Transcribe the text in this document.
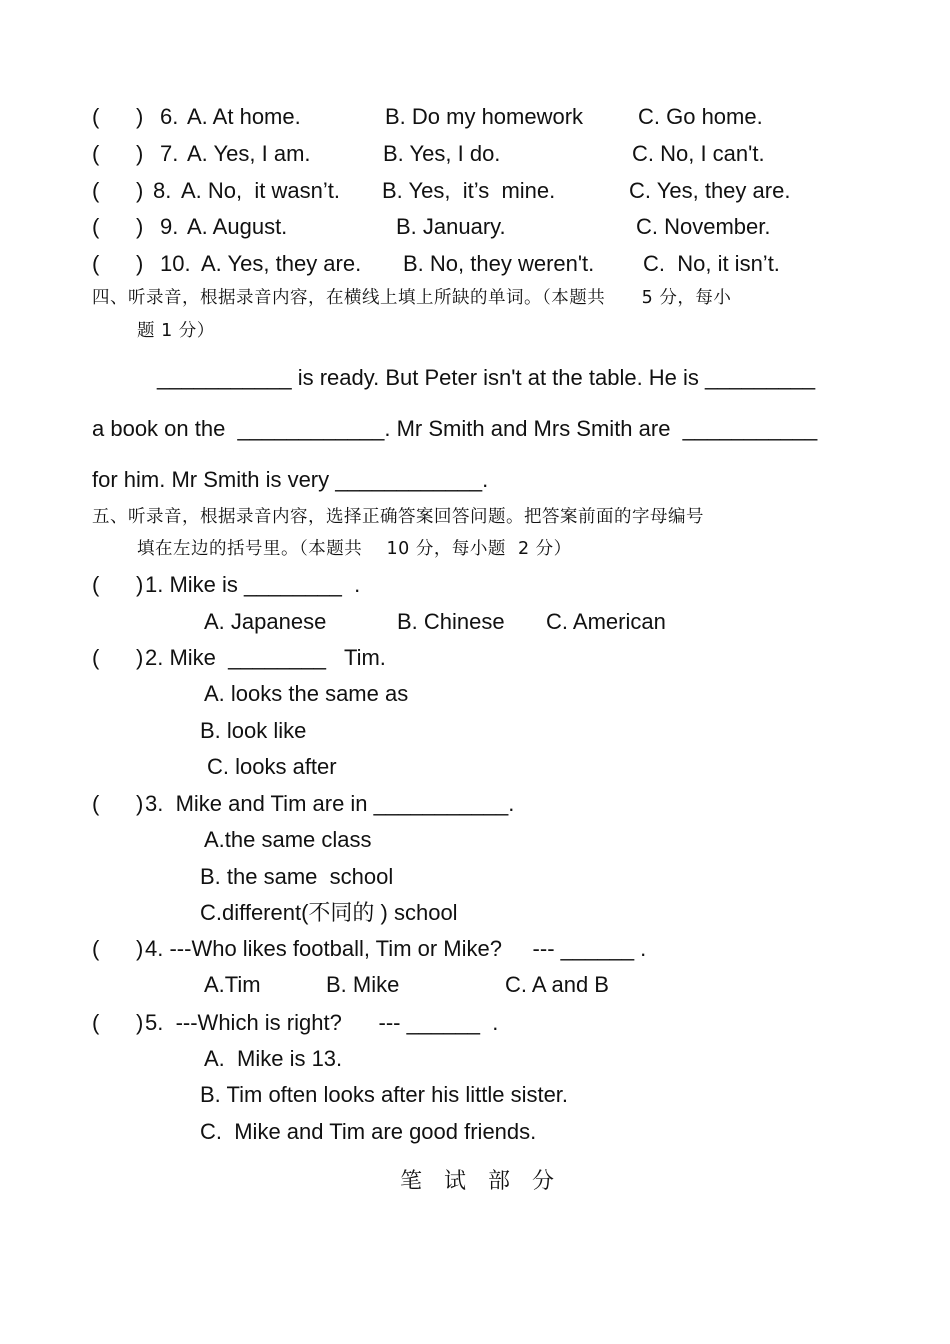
(      ) 6. A. At home.	B. Do my homework C. Go home.
(      ) 7. A. Yes, I am.	B. Yes, I do.	C. No, I can't.
(      ) 8. A. No,  it wasn’t. B. Yes,  it’s  mine.	C. Yes, they are.
(      ) 9. A. August.	B. January.	C. November.
(      ) 10. A. Yes, they are. B. No, they weren't. C.  No, it isn’t.
四、听录音，根据录音内容，在横线上填上所缺的单词。（本题共      5 分，每小
题 1 分）
___________ is ready. But Peter isn't at the table. He is _________
a book on the  ____________. Mr Smith and Mrs Smith are  ___________
for him. Mr Smith is very ____________.
五、听录音，根据录音内容，选择正确答案回答问题。把答案前面的字母编号
填在左边的括号里。（本题共    10 分，每小题  2 分）
(      ) 1. Mike is ________  .
A. Japanese	B. Chinese C. American
(      ) 2. Mike  ________   Tim.
A. looks the same as
B. look like
C. looks after
(      ) 3.  Mike and Tim are in ___________.
A.the same class
B. the same  school
C.different(不同的 ) school
(      ) 4. ---Who likes football, Tim or Mike?     --- ______ .
A.Tim	B. Mike	C. A and B
(      ) 5.  ---Which is right?      --- ______  .
A.  Mike is 13.
B. Tim often looks after his little sister.
C.  Mike and Tim are good friends.
笔试部分
